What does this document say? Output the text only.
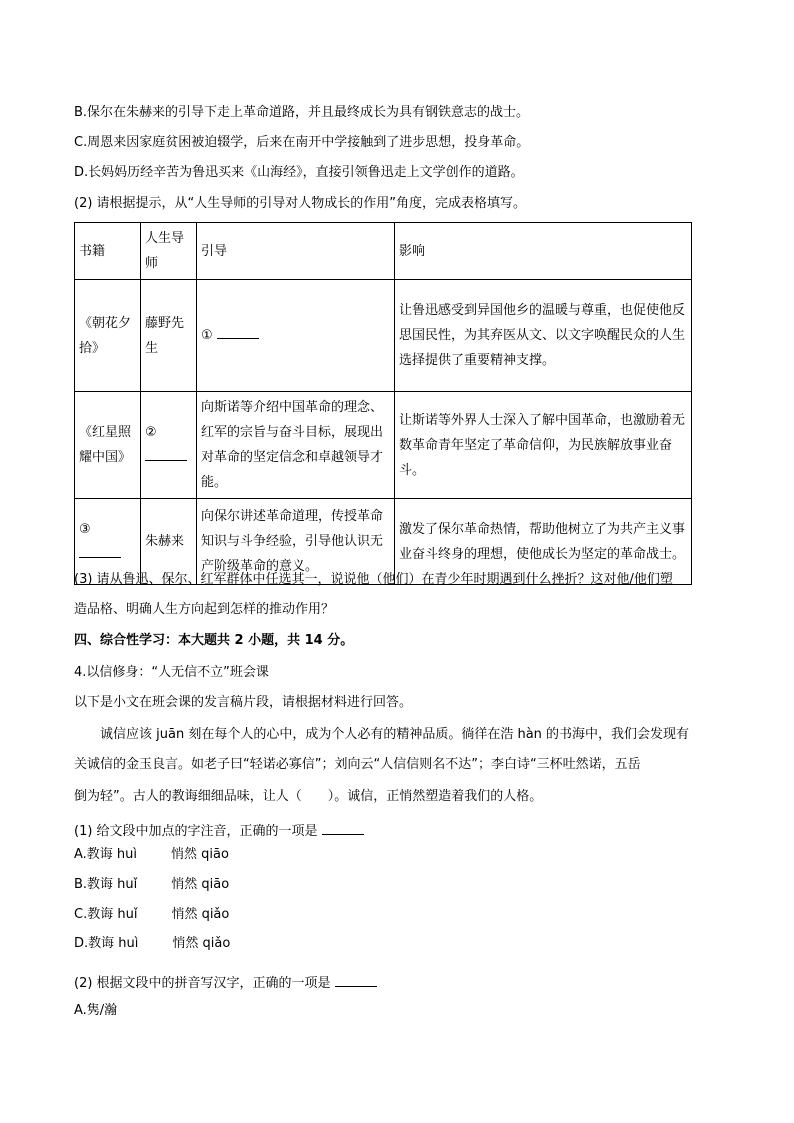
B.保尔在朱赫来的引导下走上革命道路，并且最终成长为具有钢铁意志的战士。
C.周恩来因家庭贫困被迫辍学，后来在南开中学接触到了进步思想，投身革命。
D.长妈妈历经辛苦为鲁迅买来《山海经》，直接引领鲁迅走上文学创作的道路。
(2) 请根据提示，从“人生导师的引导对人物成长的作用”角度，完成表格填写。
书籍	人生导师	引导	影响
《朝花夕拾》	藤野先生	①	让鲁迅感受到异国他乡的温暖与尊重，也促使他反思国民性，为其弃医从文、以文字唤醒民众的人生选择提供了重要精神支撑。
《红星照耀中国》	②	向斯诺等介绍中国革命的理念、红军的宗旨与奋斗目标，展现出对革命的坚定信念和卓越领导才能。	让斯诺等外界人士深入了解中国革命，也激励着无数革命青年坚定了革命信仰，为民族解放事业奋斗。
③	朱赫来	向保尔讲述革命道理，传授革命知识与斗争经验，引导他认识无产阶级革命的意义。	激发了保尔革命热情，帮助他树立了为共产主义事业奋斗终身的理想，使他成长为坚定的革命战士。
(3) 请从鲁迅、保尔、红军群体中任选其一，说说他（他们）在青少年时期遇到什么挫折？这对他/他们塑
造品格、明确人生方向起到怎样的推动作用？
四、综合性学习：本大题共 2 小题，共 14 分。
4.以信修身：“人无信不立”班会课
以下是小文在班会课的发言稿片段，请根据材料进行回答。
诚信应该 juān 刻在每个人的心中，成为个人必有的精神品质。徜徉在浩 hàn 的书海中，我们会发现有
关诚信的金玉良言。如老子曰“轻诺必寡信”；刘向云“人信信则名不达”；李白诗“三杯吐然诺，五岳
倒为轻”。古人的教诲细细品味，让人（　　）。诚信，正悄然塑造着我们的人格。
(1) 给文段中加点的字注音，正确的一项是
A.教诲 huì	悄然 qiāo
B.教诲 huǐ	悄然 qiāo
C.教诲 huǐ	悄然 qiǎo
D.教诲 huì	悄然 qiǎo
(2) 根据文段中的拼音写汉字，正确的一项是
A.隽/瀚
